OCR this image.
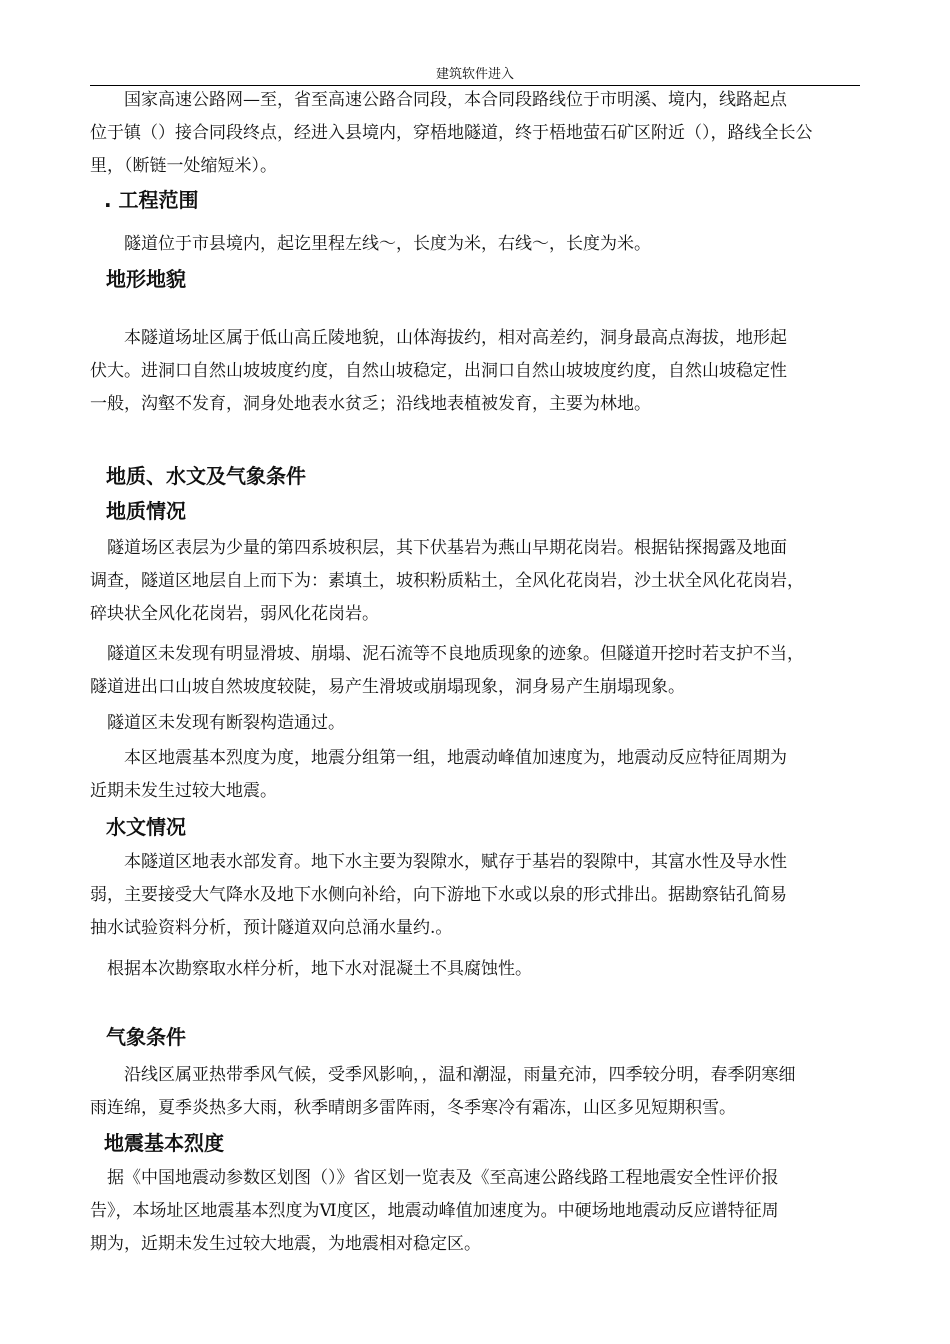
建筑软件进入
　　国家高速公路网—至，省至高速公路合同段，本合同段路线位于市明溪、境内，线路起点
位于镇（）接合同段终点，经进入县境内，穿梧地隧道，终于梧地萤石矿区附近（），路线全长公
里，（断链一处缩短米）。
. 工程范围
　　隧道位于市县境内，起讫里程左线～，长度为米，右线～，长度为米。
地形地貌
　　本隧道场址区属于低山高丘陵地貌，山体海拔约，相对高差约，洞身最高点海拔，地形起
伏大。进洞口自然山坡坡度约度，自然山坡稳定，出洞口自然山坡坡度约度，自然山坡稳定性
一般，沟壑不发育，洞身处地表水贫乏；沿线地表植被发育，主要为林地。
地质、水文及气象条件
地质情况
　隧道场区表层为少量的第四系坡积层，其下伏基岩为燕山早期花岗岩。根据钻探揭露及地面
调查，隧道区地层自上而下为：素填土，坡积粉质粘土，全风化花岗岩，沙土状全风化花岗岩，
碎块状全风化花岗岩，弱风化花岗岩。
　隧道区未发现有明显滑坡、崩塌、泥石流等不良地质现象的迹象。但隧道开挖时若支护不当，
隧道进出口山坡自然坡度较陡，易产生滑坡或崩塌现象，洞身易产生崩塌现象。
　隧道区未发现有断裂构造通过。
　　本区地震基本烈度为度，地震分组第一组，地震动峰值加速度为，地震动反应特征周期为
近期未发生过较大地震。
水文情况
　　本隧道区地表水部发育。地下水主要为裂隙水，赋存于基岩的裂隙中，其富水性及导水性
弱，主要接受大气降水及地下水侧向补给，向下游地下水或以泉的形式排出。据勘察钻孔简易
抽水试验资料分析，预计隧道双向总涌水量约.。
　根据本次勘察取水样分析，地下水对混凝土不具腐蚀性。
气象条件
　　沿线区属亚热带季风气候，受季风影响，，温和潮湿，雨量充沛，四季较分明，春季阴寒细
雨连绵，夏季炎热多大雨，秋季晴朗多雷阵雨，冬季寒冷有霜冻，山区多见短期积雪。
地震基本烈度
　据《中国地震动参数区划图（）》省区划一览表及《至高速公路线路工程地震安全性评价报
告》，本场址区地震基本烈度为Ⅵ度区，地震动峰值加速度为。中硬场地地震动反应谱特征周
期为，近期未发生过较大地震，为地震相对稳定区。
